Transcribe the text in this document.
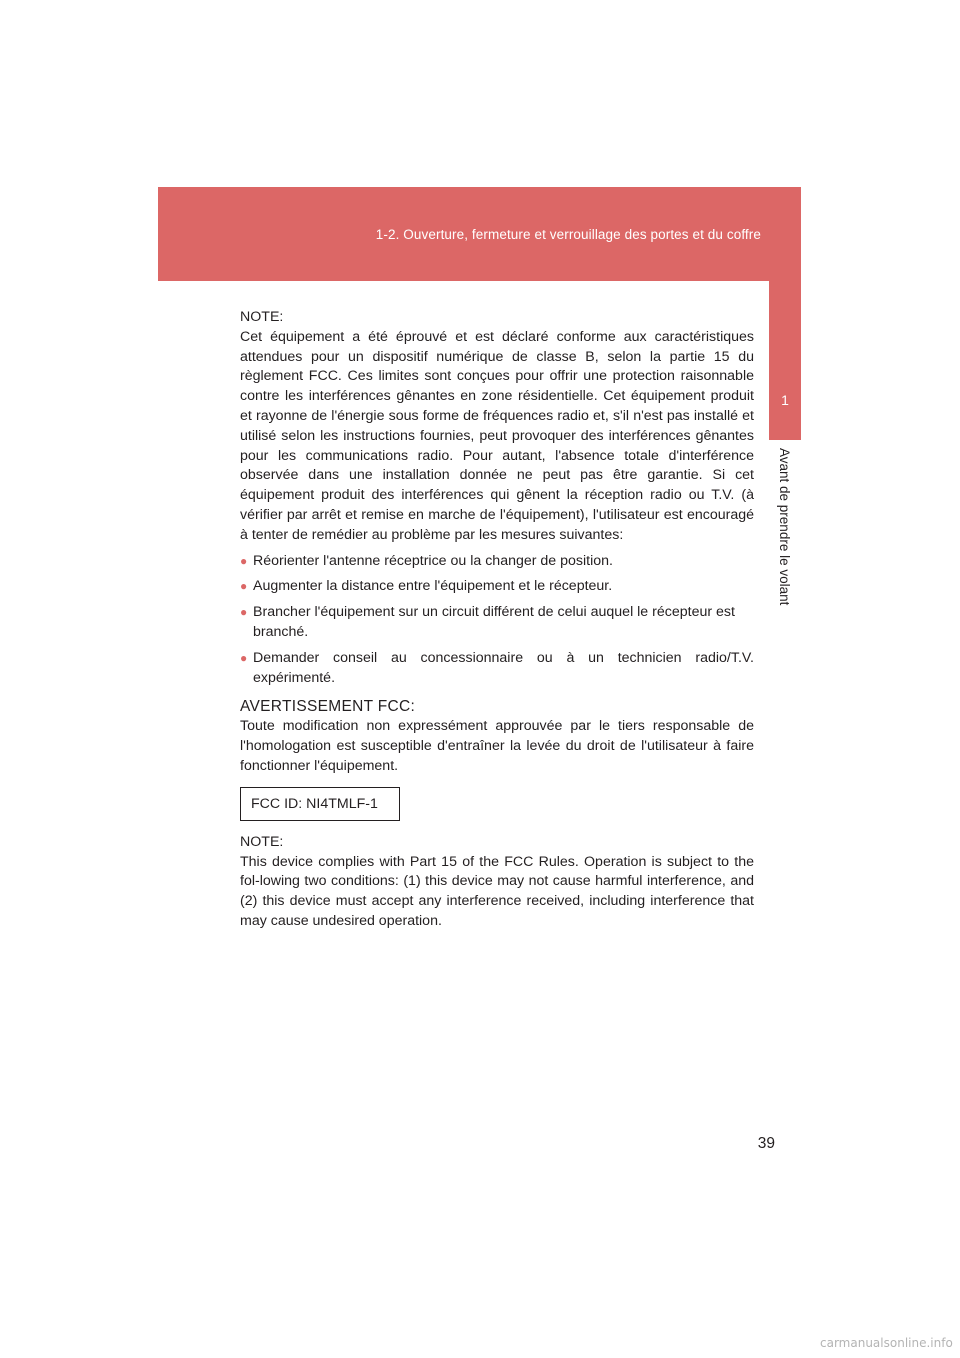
1-2. Ouverture, fermeture et verrouillage des portes et du coffre
1
Avant de prendre le volant

NOTE:

Cet équipement a été éprouvé et est déclaré conforme aux caractéristiques attendues pour un dispositif numérique de classe B, selon la partie 15 du règlement FCC. Ces limites sont conçues pour offrir une protection raisonnable contre les interférences gênantes en zone résidentielle. Cet équipement produit et rayonne de l'énergie sous forme de fréquences radio et, s'il n'est pas installé et utilisé selon les instructions fournies, peut provoquer des interférences gênantes pour les communications radio. Pour autant, l'absence totale d'interférence observée dans une installation donnée ne peut pas être garantie. Si cet équipement produit des interférences qui gênent la réception radio ou T.V. (à vérifier par arrêt et remise en marche de l'équipement), l'utilisateur est encouragé à tenter de remédier au problème par les mesures suivantes:

● Réorienter l'antenne réceptrice ou la changer de position.
● Augmenter la distance entre l'équipement et le récepteur.
● Brancher l'équipement sur un circuit différent de celui auquel le récepteur est branché.
● Demander conseil au concessionnaire ou à un technicien radio/T.V. expérimenté.

AVERTISSEMENT FCC:

Toute modification non expressément approuvée par le tiers responsable de l'homologation est susceptible d'entraîner la levée du droit de l'utilisateur à faire fonctionner l'équipement.

FCC ID: NI4TMLF-1

NOTE:

This device complies with Part 15 of the FCC Rules. Operation is subject to the fol-lowing two conditions: (1) this device may not cause harmful interference, and (2) this device must accept any interference received, including interference that may cause undesired operation.

39
carmanualsonline.info
